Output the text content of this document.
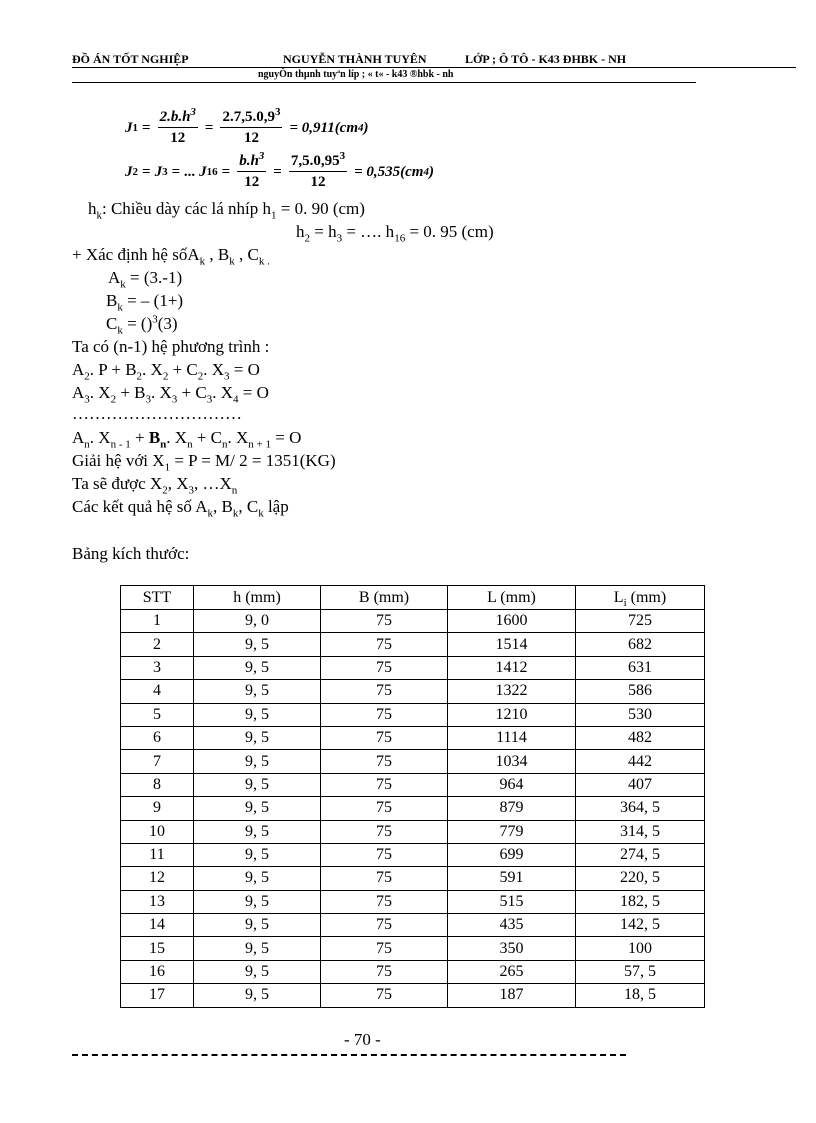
ĐỒ ÁN TỐT NGHIỆP	NGUYỄN THÀNH TUYÊN	LỚP ; Ô TÔ - K43 ĐHBK - NH
nguyÔn thµnh tuyªn líp ; « t« - k43 ®hbk - nh
J $1 = \frac{2.b.h^3}{12} = \frac{2.7,5.0,9^3}{12} = 0,911(cm$ 4 )
J 2 = J 3 = ... J $16 = \frac{b.h^3}{12} = \frac{7,5.0,95^3}{12} = 0,535(cm$ 4 )
$h_k$: Chiều dày các lá nhíp $h_1 = 0$. 90 (cm)
$h_2 = h_3$ = …. $h_{16} = 0$. 95 (cm)
+ Xác định hệ sốA$_k$ , $B_k$ , $C_{k .}$
$A_k = (3.-1)$
$B_k$ = – (1+)
$C_k = ()^3(3)$
Ta có (n-1) hệ phương trình :
$A_2$. $P + B_2$. $X_2 + C_2$. $X_3 = O$
$A_3$. $X_2 + B_3$. $X_3 + C_3$. $X_4 = O$
…………………………
$A_n$. $X_{n - 1} + B_n$. $X_n + C_n$. $X_{n + 1} = O$
Giải hệ với $X_1 = P = M/$ 2 = 1351(KG)
Ta sẽ được $X_2$, $X_3$, $\dots X_n$
Các kết quả hệ số $A_k$, $B_k$, $C_k$ lập
Bảng kích thước:
STT	h (mm)	B (mm)	L (mm)	$L_i$ (mm)
1	9, 0	75	1600	725
2	9, 5	75	1514	682
3	9, 5	75	1412	631
4	9, 5	75	1322	586
5	9, 5	75	1210	530
6	9, 5	75	1114	482
7	9, 5	75	1034	442
8	9, 5	75	964	407
9	9, 5	75	879	364, 5
10	9, 5	75	779	314, 5
11	9, 5	75	699	274, 5
12	9, 5	75	591	220, 5
13	9, 5	75	515	182, 5
14	9, 5	75	435	142, 5
15	9, 5	75	350	100
16	9, 5	75	265	57, 5
17	9, 5	75	187	18, 5
- 70 -
